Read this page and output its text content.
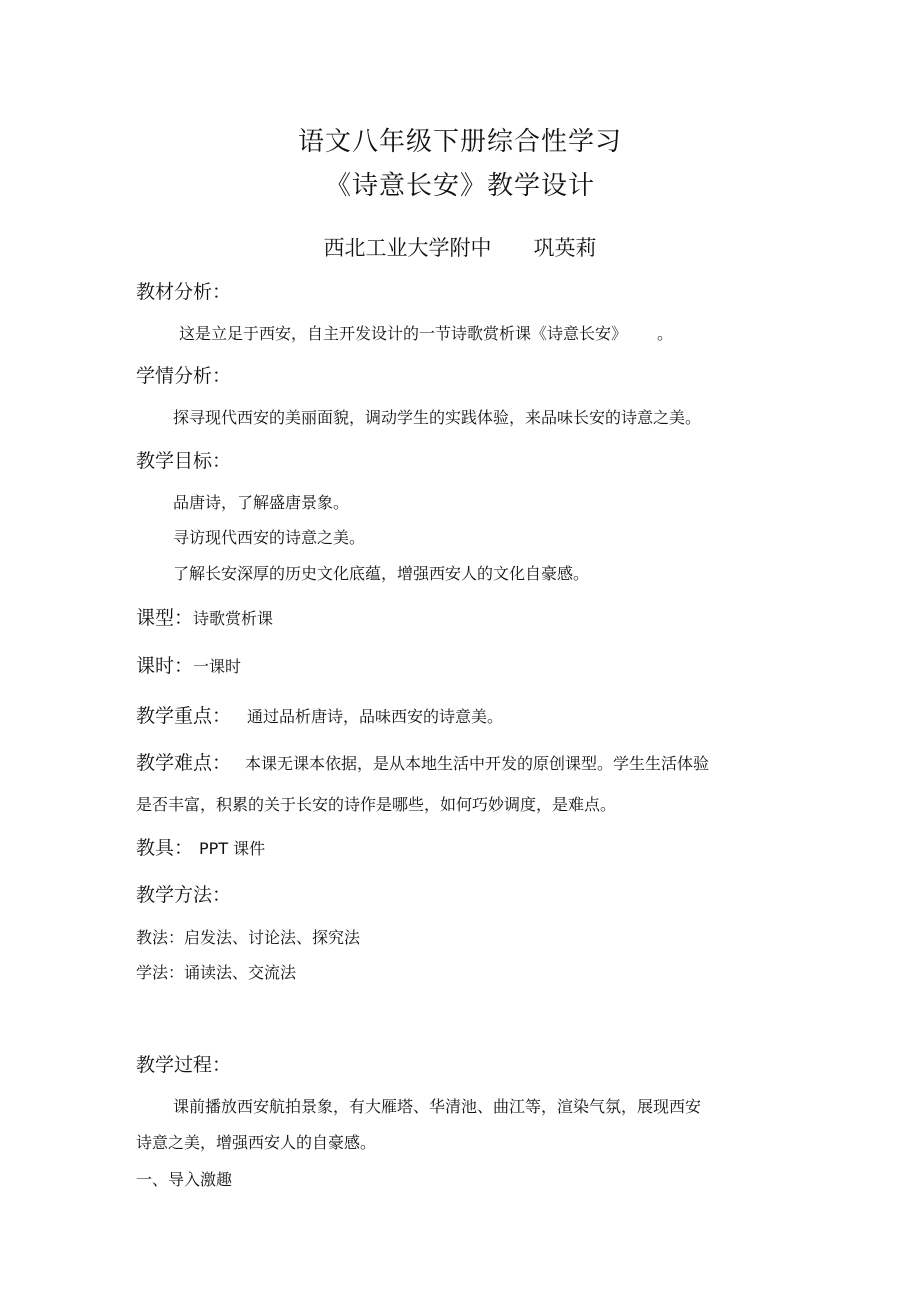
语文八年级下册综合性学习
《诗意长安》教学设计
西北工业大学附中 巩英莉
教材分析：
这是立足于西安，自主开发设计的一节诗歌赏析课《诗意长安》 。
学情分析：
探寻现代西安的美丽面貌，调动学生的实践体验，来品味长安的诗意之美。
教学目标：
品唐诗，了解盛唐景象。
寻访现代西安的诗意之美。
了解长安深厚的历史文化底蕴，增强西安人的文化自豪感。
课型：诗歌赏析课
课时：一课时
教学重点： 通过品析唐诗，品味西安的诗意美。
教学难点： 本课无课本依据，是从本地生活中开发的原创课型。学生生活体验
是否丰富，积累的关于长安的诗作是哪些，如何巧妙调度，是难点。
教具： PPT 课件
教学方法：
教法：启发法、讨论法、探究法
学法：诵读法、交流法
教学过程：
课前播放西安航拍景象，有大雁塔、华清池、曲江等，渲染气氛，展现西安
诗意之美，增强西安人的自豪感。
一、导入激趣
